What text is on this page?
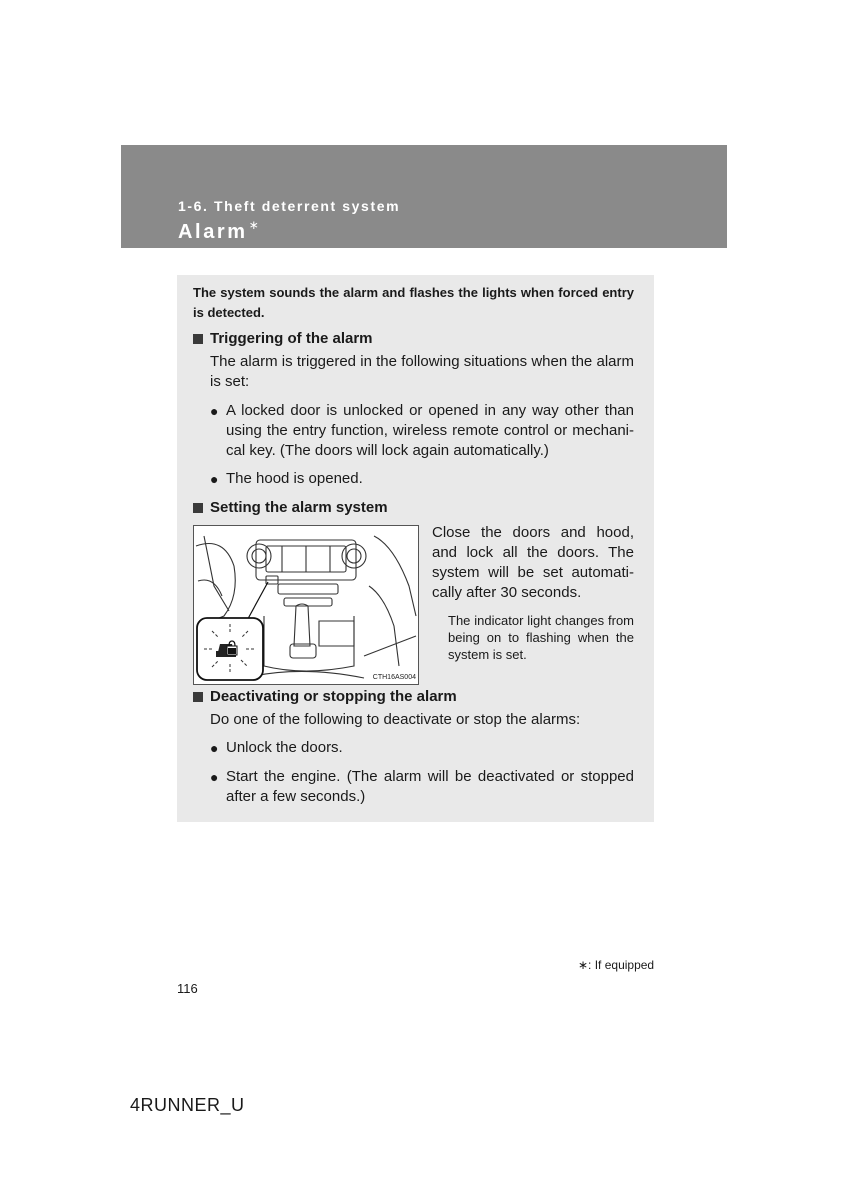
1-6. Theft deterrent system
Alarm∗
The system sounds the alarm and flashes the lights when forced entry is detected.
Triggering of the alarm
The alarm is triggered in the following situations when the alarm is set:
● A locked door is unlocked or opened in any way other than using the entry function, wireless remote control or mechani-cal key. (The doors will lock again automatically.)
● The hood is opened.
Setting the alarm system
CTH16AS004
Close the doors and hood, and lock all the doors. The system will be set automati-cally after 30 seconds.
The indicator light changes from being on to flashing when the system is set.
Deactivating or stopping the alarm
Do one of the following to deactivate or stop the alarms:
● Unlock the doors.
● Start the engine. (The alarm will be deactivated or stopped after a few seconds.)
∗: If equipped
116
4RUNNER_U
